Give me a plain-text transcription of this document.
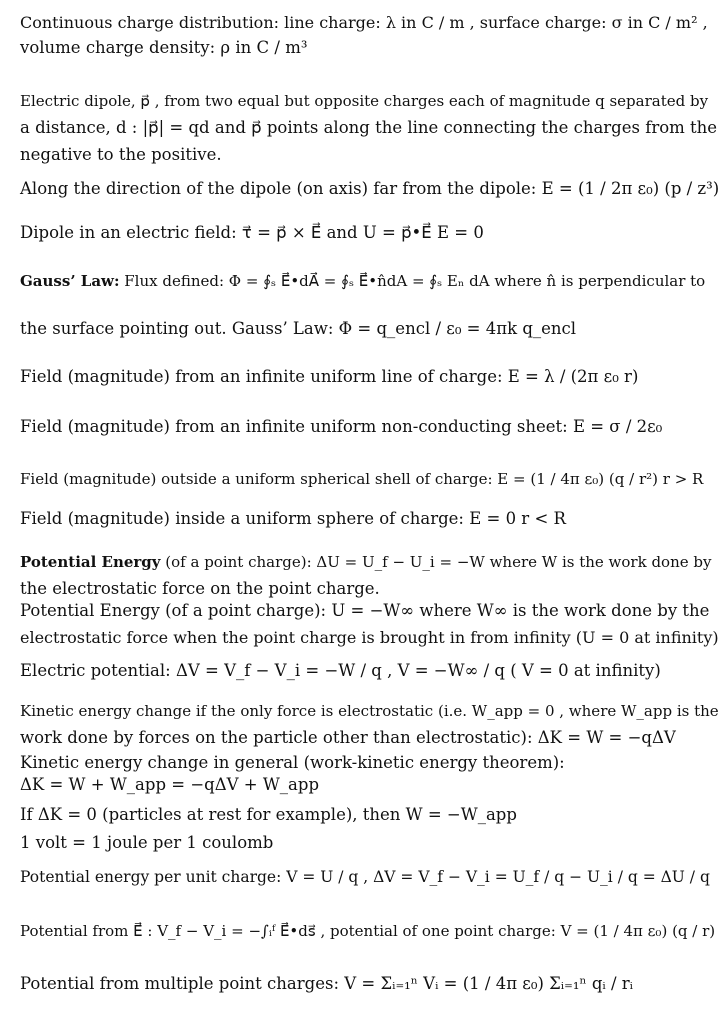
Continuous charge distribution: line charge: λ in C / m , surface charge: σ in C / m² ,
volume charge density: ρ in C / m³
Electric dipole, p⃗ , from two equal but opposite charges each of magnitude q separated by
a distance, d : |p⃗| = qd and p⃗ points along the line connecting the charges from the
negative to the positive.
Along the direction of the dipole (on axis) far from the dipole: E = (1 / 2π ε₀) (p / z³)
Dipole in an electric field: τ⃗ = p⃗ × E⃗ and U = p⃗•E⃗ E = 0
Gauss’ Law: Flux defined: Φ = ∮ₛ E⃗•dA⃗ = ∮ₛ E⃗•n̂dA = ∮ₛ Eₙ dA where n̂ is perpendicular to
the surface pointing out. Gauss’ Law: Φ = q_encl / ε₀ = 4πk q_encl
Field (magnitude) from an infinite uniform line of charge: E = λ / (2π ε₀ r)
Field (magnitude) from an infinite uniform non-conducting sheet: E = σ / 2ε₀
Field (magnitude) outside a uniform spherical shell of charge: E = (1 / 4π ε₀) (q / r²) r > R
Field (magnitude) inside a uniform sphere of charge: E = 0 r < R
Potential Energy (of a point charge): ΔU = U_f − U_i = −W where W is the work done by
the electrostatic force on the point charge.
Potential Energy (of a point charge): U = −W∞ where W∞ is the work done by the
electrostatic force when the point charge is brought in from infinity (U = 0 at infinity)
Electric potential: ΔV = V_f − V_i = −W / q , V = −W∞ / q ( V = 0 at infinity)
Kinetic energy change if the only force is electrostatic (i.e. W_app = 0 , where W_app is the
work done by forces on the particle other than electrostatic): ΔK = W = −qΔV
Kinetic energy change in general (work-kinetic energy theorem):
ΔK = W + W_app = −qΔV + W_app
If ΔK = 0 (particles at rest for example), then W = −W_app
1 volt = 1 joule per 1 coulomb
Potential energy per unit charge: V = U / q , ΔV = V_f − V_i = U_f / q − U_i / q = ΔU / q
Potential from E⃗ : V_f − V_i = −∫ᵢᶠ E⃗•ds⃗ , potential of one point charge: V = (1 / 4π ε₀) (q / r)
Potential from multiple point charges: V = Σᵢ₌₁ⁿ Vᵢ = (1 / 4π ε₀) Σᵢ₌₁ⁿ qᵢ / rᵢ
